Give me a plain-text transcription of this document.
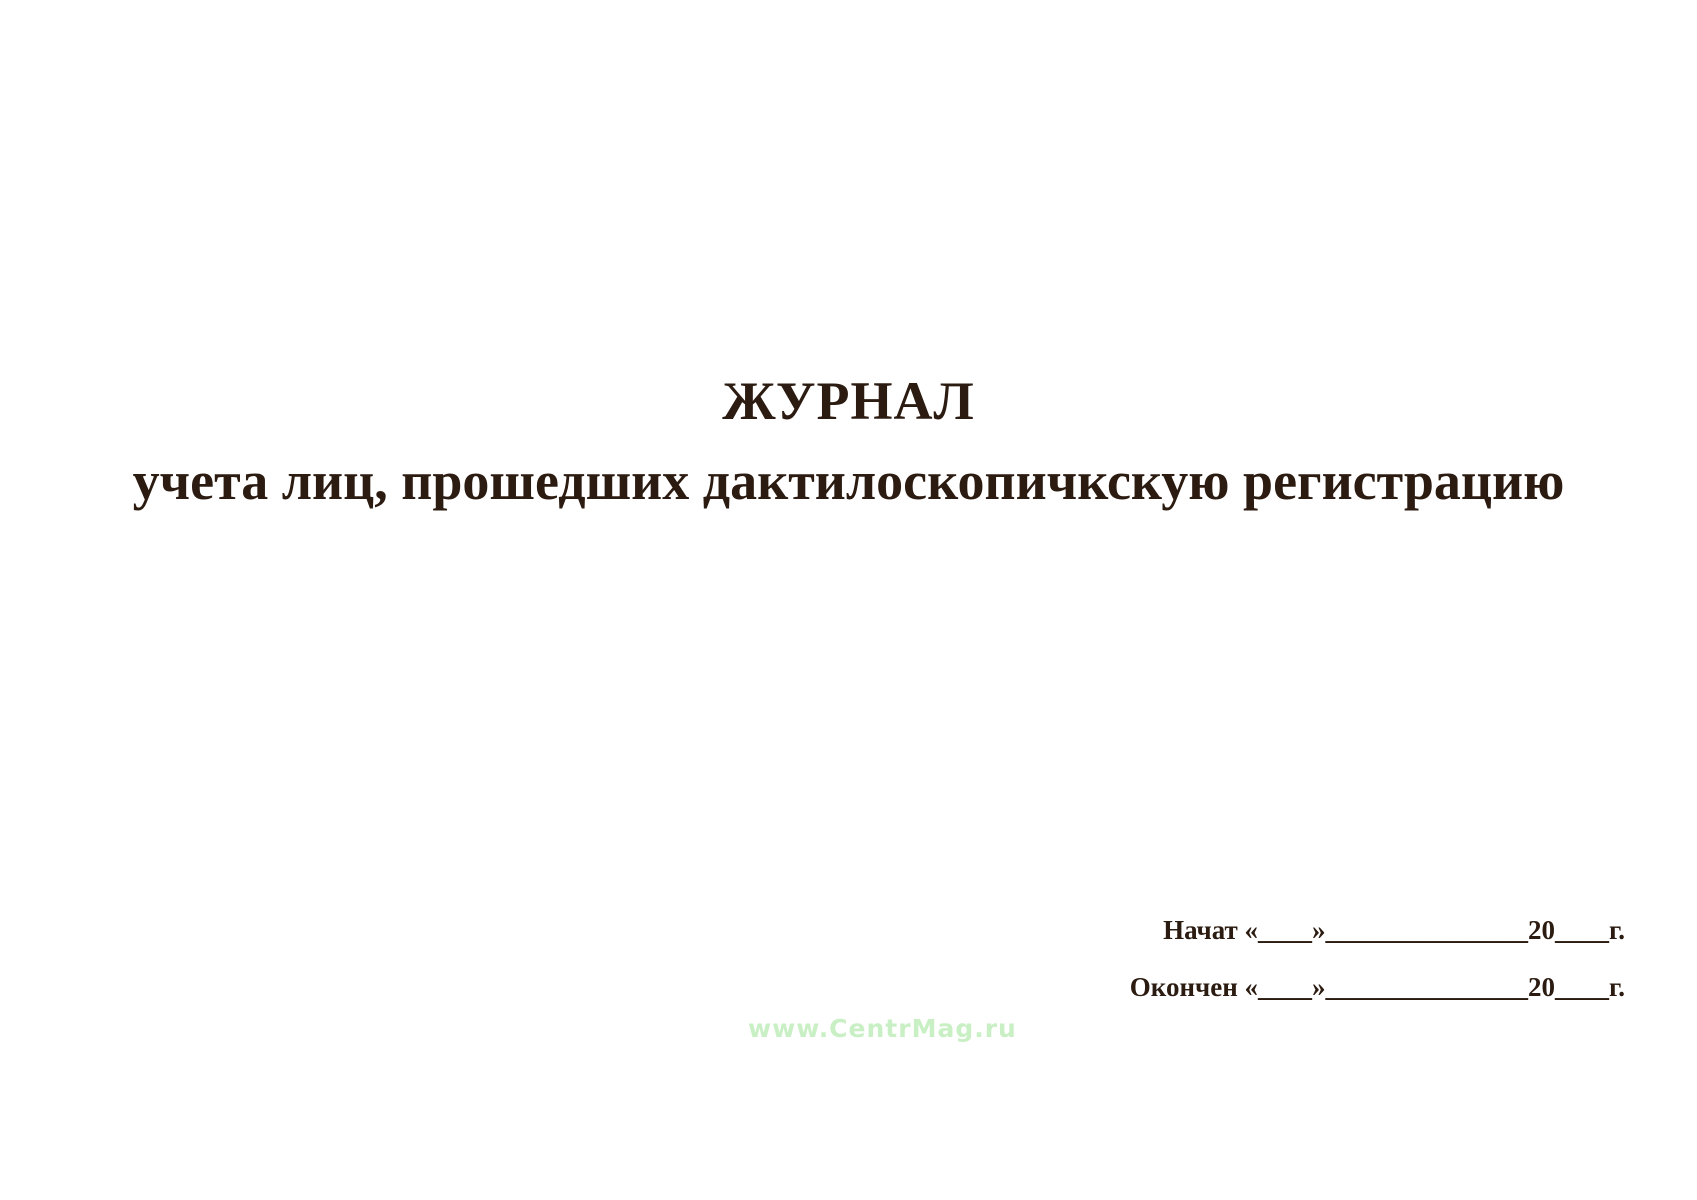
ЖУРНАЛ
учета лиц, прошедших дактилоскопичкскую регистрацию
Начат «____»_______________20____г.
Окончен «____»_______________20____г.
www.CentrMag.ru
